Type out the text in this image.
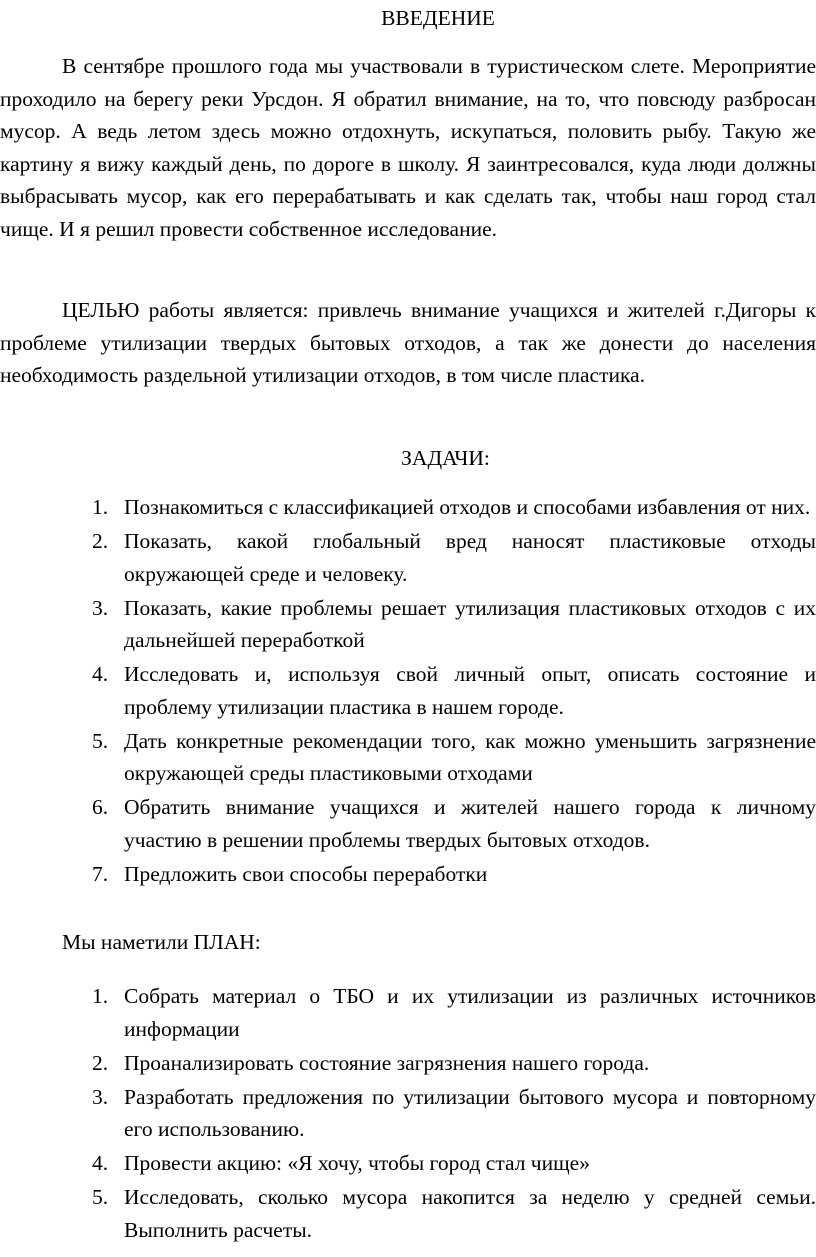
ВВЕДЕНИЕ

В сентябре прошлого года мы участвовали в туристическом слете. Мероприятие проходило на берегу реки Урсдон. Я обратил внимание, на то, что повсюду разбросан мусор. А ведь летом здесь можно отдохнуть, искупаться, половить рыбу. Такую же картину я вижу каждый день, по дороге в школу. Я заинтресовался, куда люди должны выбрасывать мусор, как его перерабатывать и как сделать так, чтобы наш город стал чище. И я решил провести собственное исследование.

ЦЕЛЬЮ работы является: привлечь внимание учащихся и жителей г.Дигоры к проблеме утилизации твердых бытовых отходов, а так же донести до населения необходимость раздельной утилизации отходов, в том числе пластика.

ЗАДАЧИ:
1. Познакомиться с классификацией отходов и способами избавления от них.
2. Показать, какой глобальный вред наносят пластиковые отходы окружающей среде и человеку.
3. Показать, какие проблемы решает утилизация пластиковых отходов с их дальнейшей переработкой
4. Исследовать и, используя свой личный опыт, описать состояние и проблему утилизации пластика в нашем городе.
5. Дать конкретные рекомендации того, как можно уменьшить загрязнение окружающей среды пластиковыми отходами
6. Обратить внимание учащихся и жителей нашего города к личному участию в решении проблемы твердых бытовых отходов.
7. Предложить свои способы переработки

Мы наметили ПЛАН:

1. Собрать материал о ТБО и их утилизации из различных источников информации
2. Проанализировать состояние загрязнения нашего города.
3. Разработать предложения по утилизации бытового мусора и повторному его использованию.
4. Провести акцию: «Я хочу, чтобы город стал чище»
5. Исследовать, сколько мусора накопится за неделю у средней семьи. Выполнить расчеты.
